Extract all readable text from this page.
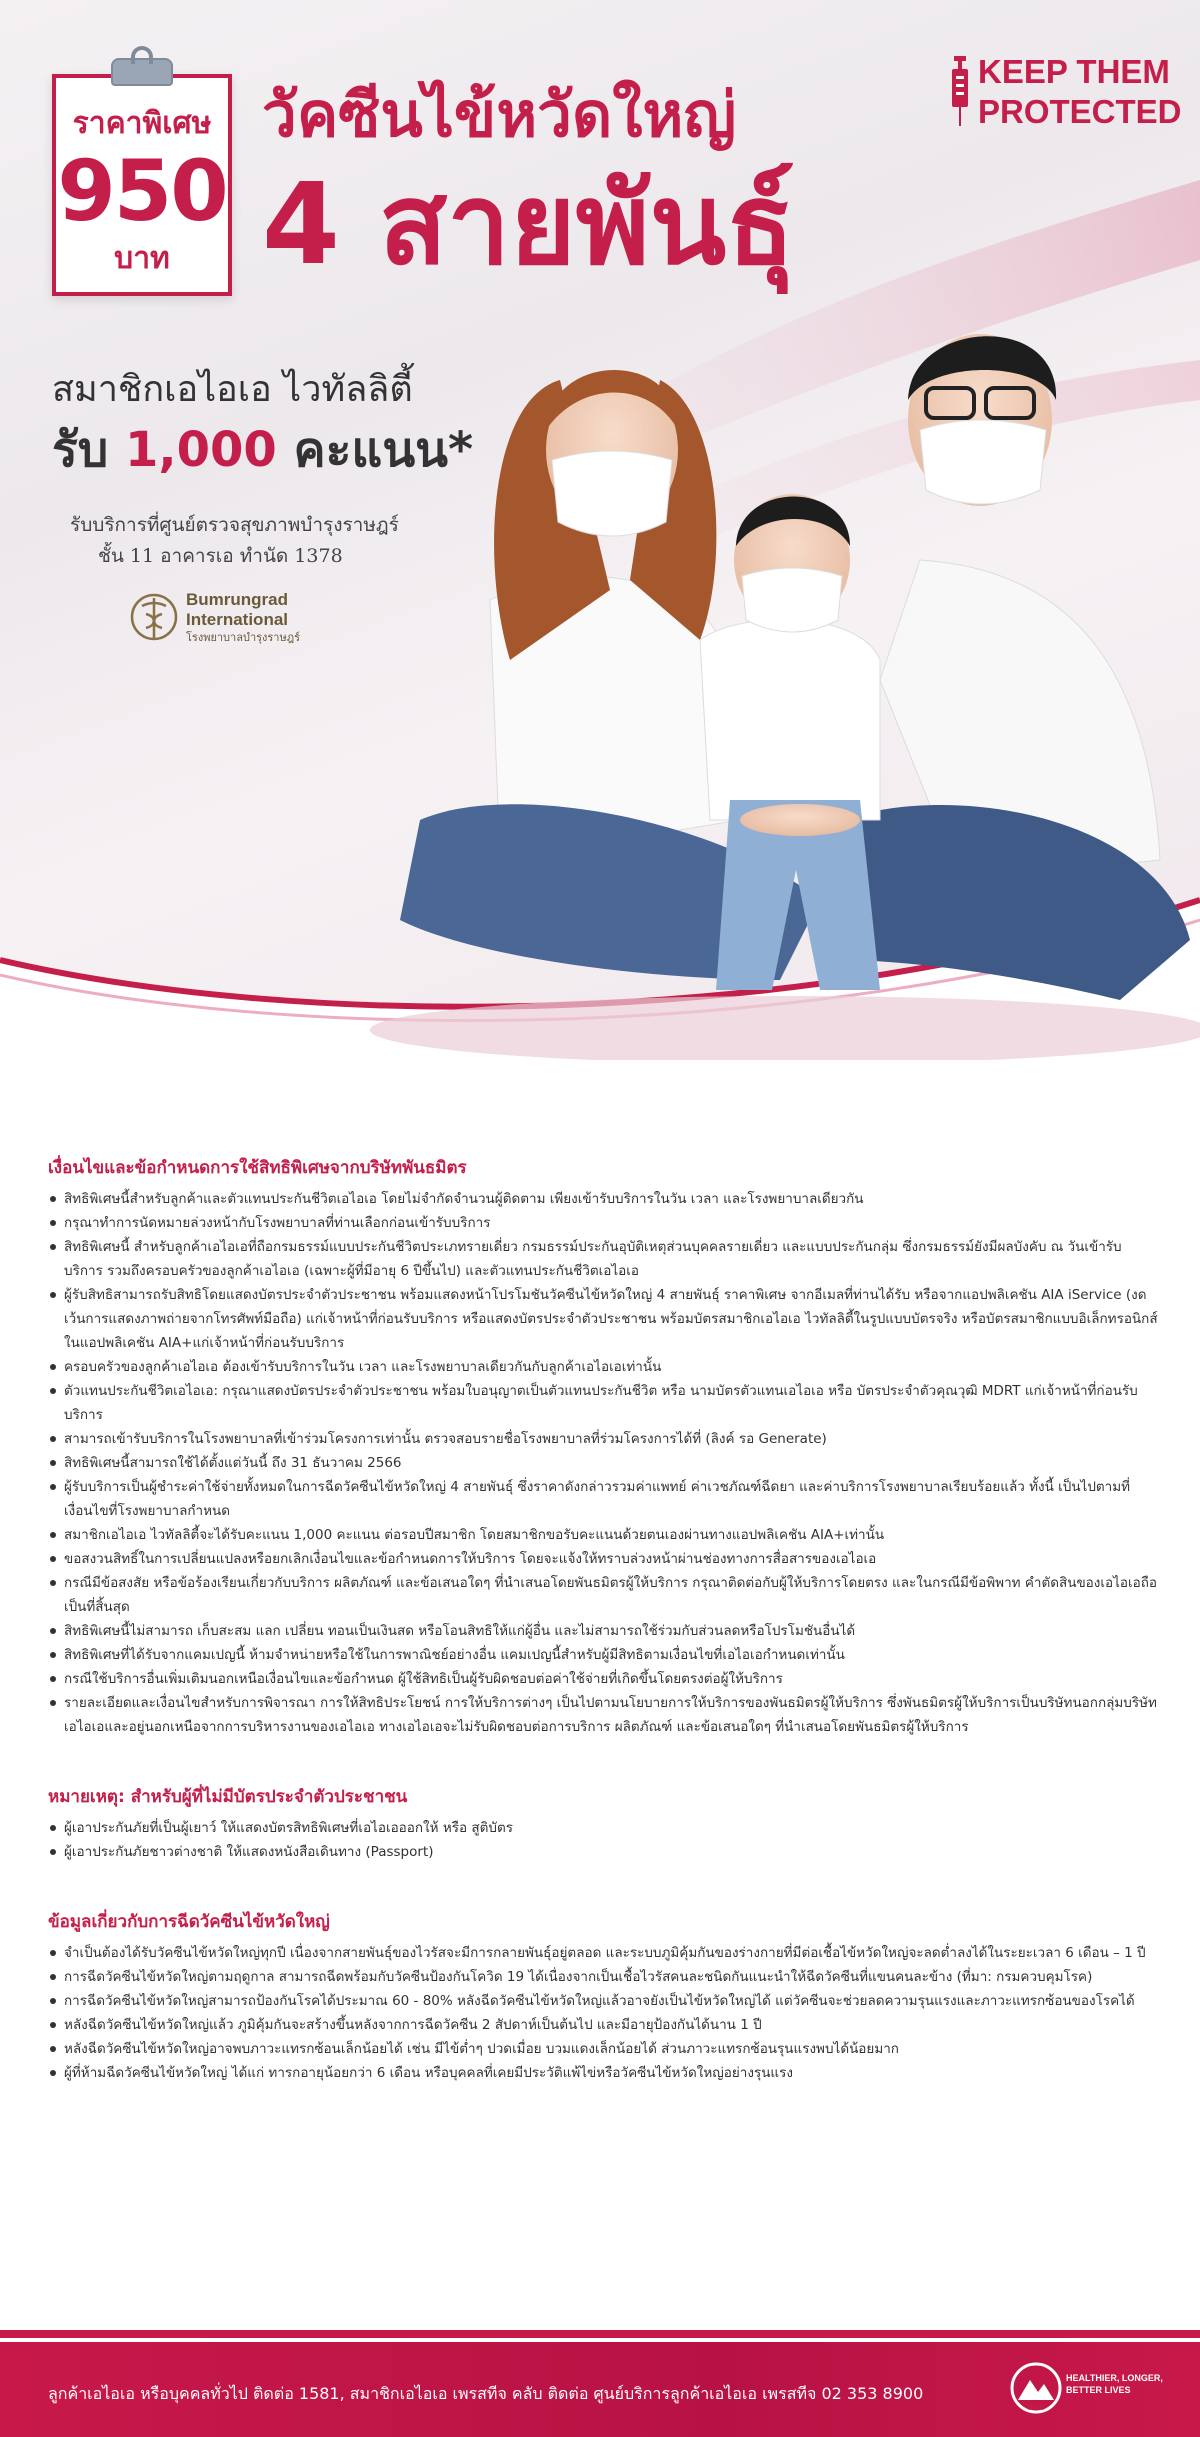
ราคาพิเศษ
950
บาท
วัคซีนไข้หวัดใหญ่
4 สายพันธุ์
KEEP THEM
PROTECTED
สมาชิกเอไอเอ ไวทัลลิตี้
รับ 1,000 คะแนน*
รับบริการที่ศูนย์ตรวจสุขภาพบำรุงราษฎร์
ชั้น 11 อาคารเอ ทำนัด 1378
Bumrungrad
International
โรงพยาบาลบำรุงราษฎร์
เงื่อนไขและข้อกำหนดการใช้สิทธิพิเศษจากบริษัทพันธมิตร
สิทธิพิเศษนี้สำหรับลูกค้าและตัวแทนประกันชีวิตเอไอเอ โดยไม่จำกัดจำนวนผู้ติดตาม เพียงเข้ารับบริการในวัน เวลา และโรงพยาบาลเดียวกัน
กรุณาทำการนัดหมายล่วงหน้ากับโรงพยาบาลที่ท่านเลือกก่อนเข้ารับบริการ
สิทธิพิเศษนี้ สำหรับลูกค้าเอไอเอที่ถือกรมธรรม์แบบประกันชีวิตประเภทรายเดี่ยว กรมธรรม์ประกันอุบัติเหตุส่วนบุคคลรายเดี่ยว และแบบประกันกลุ่ม ซึ่งกรมธรรม์ยังมีผลบังคับ ณ วันเข้ารับบริการ รวมถึงครอบครัวของลูกค้าเอไอเอ (เฉพาะผู้ที่มีอายุ 6 ปีขึ้นไป) และตัวแทนประกันชีวิตเอไอเอ
ผู้รับสิทธิสามารถรับสิทธิโดยแสดงบัตรประจำตัวประชาชน พร้อมแสดงหน้าโปรโมชันวัคซีนไข้หวัดใหญ่ 4 สายพันธุ์ ราคาพิเศษ จากอีเมลที่ท่านได้รับ หรือจากแอปพลิเคชัน AIA iService (งดเว้นการแสดงภาพถ่ายจากโทรศัพท์มือถือ) แก่เจ้าหน้าที่ก่อนรับบริการ หรือแสดงบัตรประจำตัวประชาชน พร้อมบัตรสมาชิกเอไอเอ ไวทัลลิตี้ในรูปแบบบัตรจริง หรือบัตรสมาชิกแบบอิเล็กทรอนิกส์ในแอปพลิเคชัน AIA+แก่เจ้าหน้าที่ก่อนรับบริการ
ครอบครัวของลูกค้าเอไอเอ ต้องเข้ารับบริการในวัน เวลา และโรงพยาบาลเดียวกันกับลูกค้าเอไอเอเท่านั้น
ตัวแทนประกันชีวิตเอไอเอ: กรุณาแสดงบัตรประจำตัวประชาชน พร้อมใบอนุญาตเป็นตัวแทนประกันชีวิต หรือ นามบัตรตัวแทนเอไอเอ หรือ บัตรประจำตัวคุณวุฒิ MDRT แก่เจ้าหน้าที่ก่อนรับบริการ
สามารถเข้ารับบริการในโรงพยาบาลที่เข้าร่วมโครงการเท่านั้น ตรวจสอบรายชื่อโรงพยาบาลที่ร่วมโครงการได้ที่ (ลิงค์ รอ Generate)
สิทธิพิเศษนี้สามารถใช้ได้ตั้งแต่วันนี้ ถึง 31 ธันวาคม 2566
ผู้รับบริการเป็นผู้ชำระค่าใช้จ่ายทั้งหมดในการฉีดวัคซีนไข้หวัดใหญ่ 4 สายพันธุ์ ซึ่งราคาดังกล่าวรวมค่าแพทย์ ค่าเวชภัณฑ์ฉีดยา และค่าบริการโรงพยาบาลเรียบร้อยแล้ว ทั้งนี้ เป็นไปตามที่เงื่อนไขที่โรงพยาบาลกำหนด
สมาชิกเอไอเอ ไวทัลลิตี้จะได้รับคะแนน 1,000 คะแนน ต่อรอบปีสมาชิก โดยสมาชิกขอรับคะแนนด้วยตนเองผ่านทางแอปพลิเคชัน AIA+เท่านั้น
ขอสงวนสิทธิ์ในการเปลี่ยนแปลงหรือยกเลิกเงื่อนไขและข้อกำหนดการให้บริการ โดยจะแจ้งให้ทราบล่วงหน้าผ่านช่องทางการสื่อสารของเอไอเอ
กรณีมีข้อสงสัย หรือข้อร้องเรียนเกี่ยวกับบริการ ผลิตภัณฑ์ และข้อเสนอใดๆ ที่นำเสนอโดยพันธมิตรผู้ให้บริการ กรุณาติดต่อกับผู้ให้บริการโดยตรง และในกรณีมีข้อพิพาท คำตัดสินของเอไอเอถือเป็นที่สิ้นสุด
สิทธิพิเศษนี้ไม่สามารถ เก็บสะสม แลก เปลี่ยน ทอนเป็นเงินสด หรือโอนสิทธิให้แก่ผู้อื่น และไม่สามารถใช้ร่วมกับส่วนลดหรือโปรโมชันอื่นได้
สิทธิพิเศษที่ได้รับจากแคมเปญนี้ ห้ามจำหน่ายหรือใช้ในการพาณิชย์อย่างอื่น แคมเปญนี้สำหรับผู้มีสิทธิตามเงื่อนไขที่เอไอเอกำหนดเท่านั้น
กรณีใช้บริการอื่นเพิ่มเติมนอกเหนือเงื่อนไขและข้อกำหนด ผู้ใช้สิทธิเป็นผู้รับผิดชอบต่อค่าใช้จ่ายที่เกิดขึ้นโดยตรงต่อผู้ให้บริการ
รายละเอียดและเงื่อนไขสำหรับการพิจารณา การให้สิทธิประโยชน์ การให้บริการต่างๆ เป็นไปตามนโยบายการให้บริการของพันธมิตรผู้ให้บริการ ซึ่งพันธมิตรผู้ให้บริการเป็นบริษัทนอกกลุ่มบริษัทเอไอเอและอยู่นอกเหนือจากการบริหารงานของเอไอเอ ทางเอไอเอจะไม่รับผิดชอบต่อการบริการ ผลิตภัณฑ์ และข้อเสนอใดๆ ที่นำเสนอโดยพันธมิตรผู้ให้บริการ
หมายเหตุ: สำหรับผู้ที่ไม่มีบัตรประจำตัวประชาชน
ผู้เอาประกันภัยที่เป็นผู้เยาว์ ให้แสดงบัตรสิทธิพิเศษที่เอไอเอออกให้ หรือ สูติบัตร
ผู้เอาประกันภัยชาวต่างชาติ ให้แสดงหนังสือเดินทาง (Passport)
ข้อมูลเกี่ยวกับการฉีดวัคซีนไข้หวัดใหญ่
จำเป็นต้องได้รับวัคซีนไข้หวัดใหญ่ทุกปี เนื่องจากสายพันธุ์ของไวรัสจะมีการกลายพันธุ์อยู่ตลอด และระบบภูมิคุ้มกันของร่างกายที่มีต่อเชื้อไข้หวัดใหญ่จะลดต่ำลงได้ในระยะเวลา 6 เดือน – 1 ปี
การฉีดวัคซีนไข้หวัดใหญ่ตามฤดูกาล สามารถฉีดพร้อมกับวัคซีนป้องกันโควิด 19 ได้เนื่องจากเป็นเชื้อไวรัสคนละชนิดกันแนะนำให้ฉีดวัคซีนที่แขนคนละข้าง (ที่มา: กรมควบคุมโรค)
การฉีดวัคซีนไข้หวัดใหญ่สามารถป้องกันโรคได้ประมาณ 60 - 80% หลังฉีดวัคซีนไข้หวัดใหญ่แล้วอาจยังเป็นไข้หวัดใหญ่ได้ แต่วัคซีนจะช่วยลดความรุนแรงและภาวะแทรกซ้อนของโรคได้
หลังฉีดวัคซีนไข้หวัดใหญ่แล้ว ภูมิคุ้มกันจะสร้างขึ้นหลังจากการฉีดวัคซีน 2 สัปดาห์เป็นต้นไป และมีอายุป้องกันได้นาน 1 ปี
หลังฉีดวัคซีนไข้หวัดใหญ่อาจพบภาวะแทรกซ้อนเล็กน้อยได้ เช่น มีไข้ต่ำๆ ปวดเมื่อย บวมแดงเล็กน้อยได้ ส่วนภาวะแทรกซ้อนรุนแรงพบได้น้อยมาก
ผู้ที่ห้ามฉีดวัคซีนไข้หวัดใหญ่ ได้แก่ ทารกอายุน้อยกว่า 6 เดือน หรือบุคคลที่เคยมีประวัติแพ้ไข่หรือวัคซีนไข้หวัดใหญ่อย่างรุนแรง
ลูกค้าเอไอเอ หรือบุคคลทั่วไป ติดต่อ 1581, สมาชิกเอไอเอ เพรสทีจ คลับ ติดต่อ ศูนย์บริการลูกค้าเอไอเอ เพรสทีจ 02 353 8900
AIA
HEALTHIER, LONGER,
BETTER LIVES
